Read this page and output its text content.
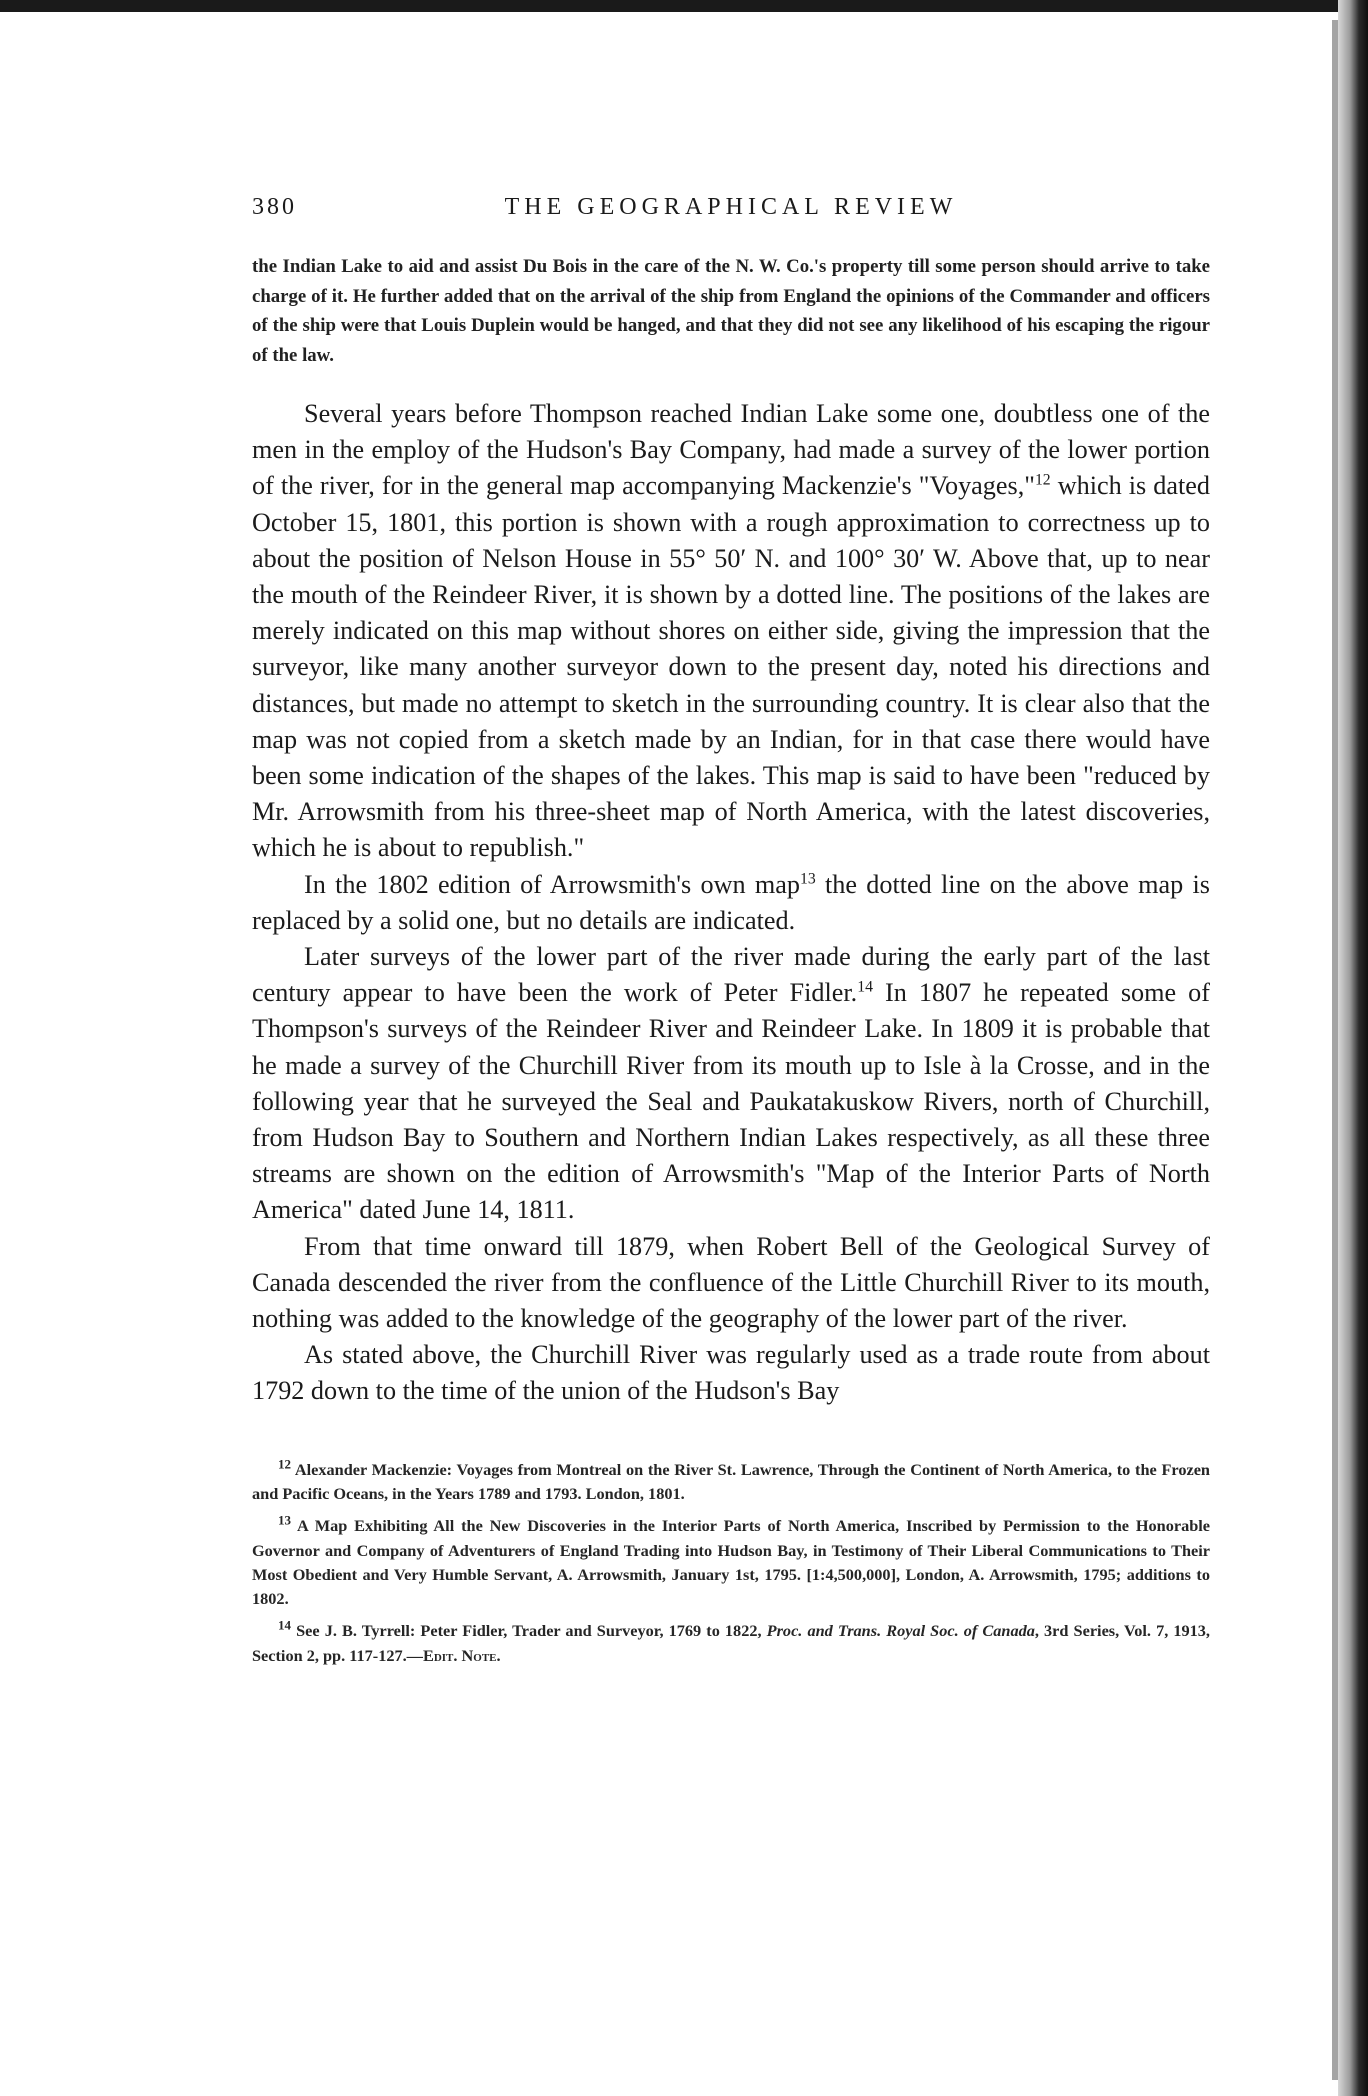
380	THE GEOGRAPHICAL REVIEW

the Indian Lake to aid and assist Du Bois in the care of the N. W. Co.'s property till some person should arrive to take charge of it. He further added that on the arrival of the ship from England the opinions of the Commander and officers of the ship were that Louis Duplein would be hanged, and that they did not see any likelihood of his escaping the rigour of the law.

Several years before Thompson reached Indian Lake some one, doubtless one of the men in the employ of the Hudson's Bay Company, had made a survey of the lower portion of the river, for in the general map accompanying Mackenzie's "Voyages,"$^{12}$ which is dated October 15, 1801, this portion is shown with a rough approximation to correctness up to about the position of Nelson House in 55° 50′ N. and 100° 30′ W. Above that, up to near the mouth of the Reindeer River, it is shown by a dotted line. The positions of the lakes are merely indicated on this map without shores on either side, giving the impression that the surveyor, like many another surveyor down to the present day, noted his directions and distances, but made no attempt to sketch in the surrounding country. It is clear also that the map was not copied from a sketch made by an Indian, for in that case there would have been some indication of the shapes of the lakes. This map is said to have been "reduced by Mr. Arrowsmith from his three-sheet map of North America, with the latest discoveries, which he is about to republish."

In the 1802 edition of Arrowsmith's own map$^{13}$ the dotted line on the above map is replaced by a solid one, but no details are indicated.

Later surveys of the lower part of the river made during the early part of the last century appear to have been the work of Peter Fidler.$^{14}$ In 1807 he repeated some of Thompson's surveys of the Reindeer River and Reindeer Lake. In 1809 it is probable that he made a survey of the Churchill River from its mouth up to Isle à la Crosse, and in the following year that he surveyed the Seal and Paukatakuskow Rivers, north of Churchill, from Hudson Bay to Southern and Northern Indian Lakes respectively, as all these three streams are shown on the edition of Arrowsmith's "Map of the Interior Parts of North America" dated June 14, 1811.

From that time onward till 1879, when Robert Bell of the Geological Survey of Canada descended the river from the confluence of the Little Churchill River to its mouth, nothing was added to the knowledge of the geography of the lower part of the river.

As stated above, the Churchill River was regularly used as a trade route from about 1792 down to the time of the union of the Hudson's Bay

$^{12}$ Alexander Mackenzie: Voyages from Montreal on the River St. Lawrence, Through the Continent of North America, to the Frozen and Pacific Oceans, in the Years 1789 and 1793. London, 1801.

$^{13}$ A Map Exhibiting All the New Discoveries in the Interior Parts of North America, Inscribed by Permission to the Honorable Governor and Company of Adventurers of England Trading into Hudson Bay, in Testimony of Their Liberal Communications to Their Most Obedient and Very Humble Servant, A. Arrowsmith, January 1st, 1795. [1:4,500,000], London, A. Arrowsmith, 1795; additions to 1802.

$^{14}$ See J. B. Tyrrell: Peter Fidler, Trader and Surveyor, 1769 to 1822, Proc. and Trans. Royal Soc. of Canada, 3rd Series, Vol. 7, 1913, Section 2, pp. 117-127.—Edit. Note.
